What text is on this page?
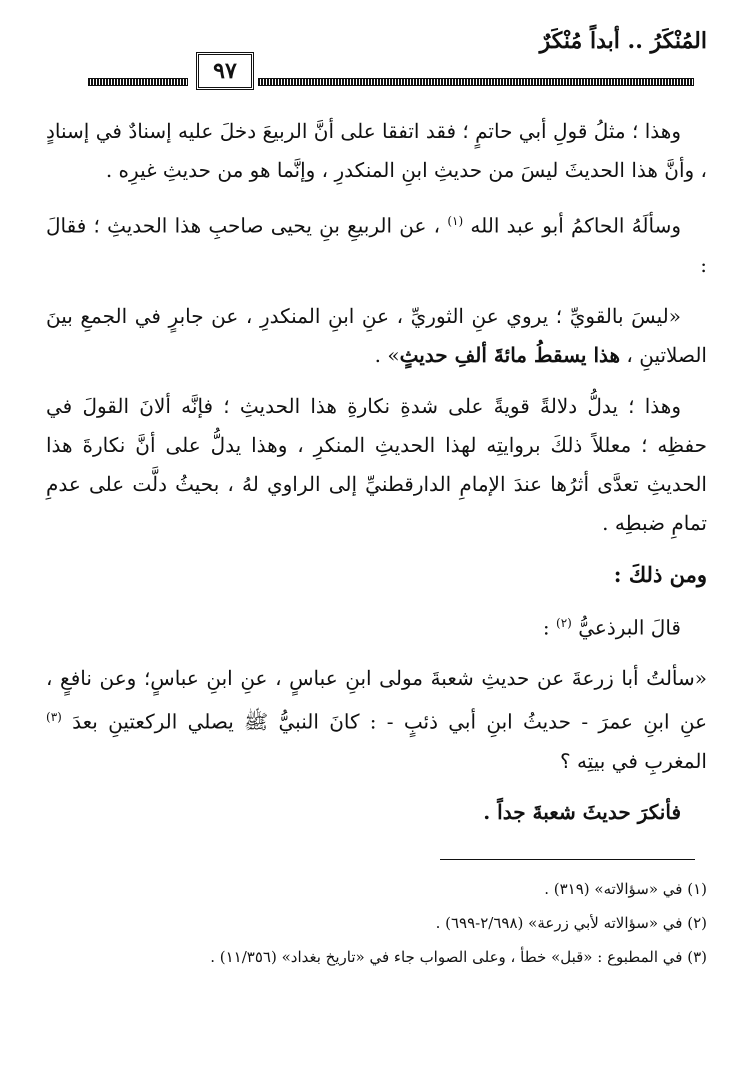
المُنْكَرُ .. أبداً مُنْكَرٌ
٩٧

وهذا ؛ مثلُ قولِ أبي حاتمٍ ؛ فقد اتفقا على أنَّ الربيعَ دخلَ عليه إسنادٌ في إسنادٍ ، وأنَّ هذا الحديثَ ليسَ من حديثِ ابنِ المنكدرِ ، وإنَّما هو من حديثِ غيرِه .

وسألَهُ الحاكمُ أبو عبد الله $^{(١)}$ ، عن الربيعِ بنِ يحيى صاحبِ هذا الحديثِ ؛ فقالَ :

«ليسَ بالقويِّ ؛ يروي عنِ الثوريِّ ، عنِ ابنِ المنكدرِ ، عن جابرٍ في الجمعِ بينَ الصلاتينِ ، هذا يسقطُ مائةَ ألفِ حديثٍ» .

وهذا ؛ يدلُّ دلالةً قويةً على شدةِ نكارةِ هذا الحديثِ ؛ فإنَّه ألانَ القولَ في حفظِه ؛ معللاً ذلكَ بروايتِه لهذا الحديثِ المنكرِ ، وهذا يدلُّ على أنَّ نكارةَ هذا الحديثِ تعدَّى أثرُها عندَ الإمامِ الدارقطنيِّ إلى الراوي لهُ ، بحيثُ دلَّت على عدمِ تمامِ ضبطِه .

ومن ذلكَ :

قالَ البرذعيُّ $^{(٢)}$ :

«سألتُ أبا زرعةَ عن حديثِ شعبةَ مولى ابنِ عباسٍ ، عنِ ابنِ عباسٍ؛ وعن نافعٍ ، عنِ ابنِ عمرَ - حديثُ ابنِ أبي ذئبٍ - : كانَ النبيُّ ﷺ يصلي الركعتينِ بعدَ $^{(٣)}$ المغربِ في بيتِه ؟

فأنكرَ حديثَ شعبةَ جداً .

(١) في «سؤالاته» (٣١٩) .

(٢) في «سؤالاته لأبي زرعة» (٢/٦٩٨-٦٩٩) .

(٣) في المطبوع : «قبل» خطأ ، وعلى الصواب جاء في «تاريخ بغداد» (١١/٣٥٦) .
